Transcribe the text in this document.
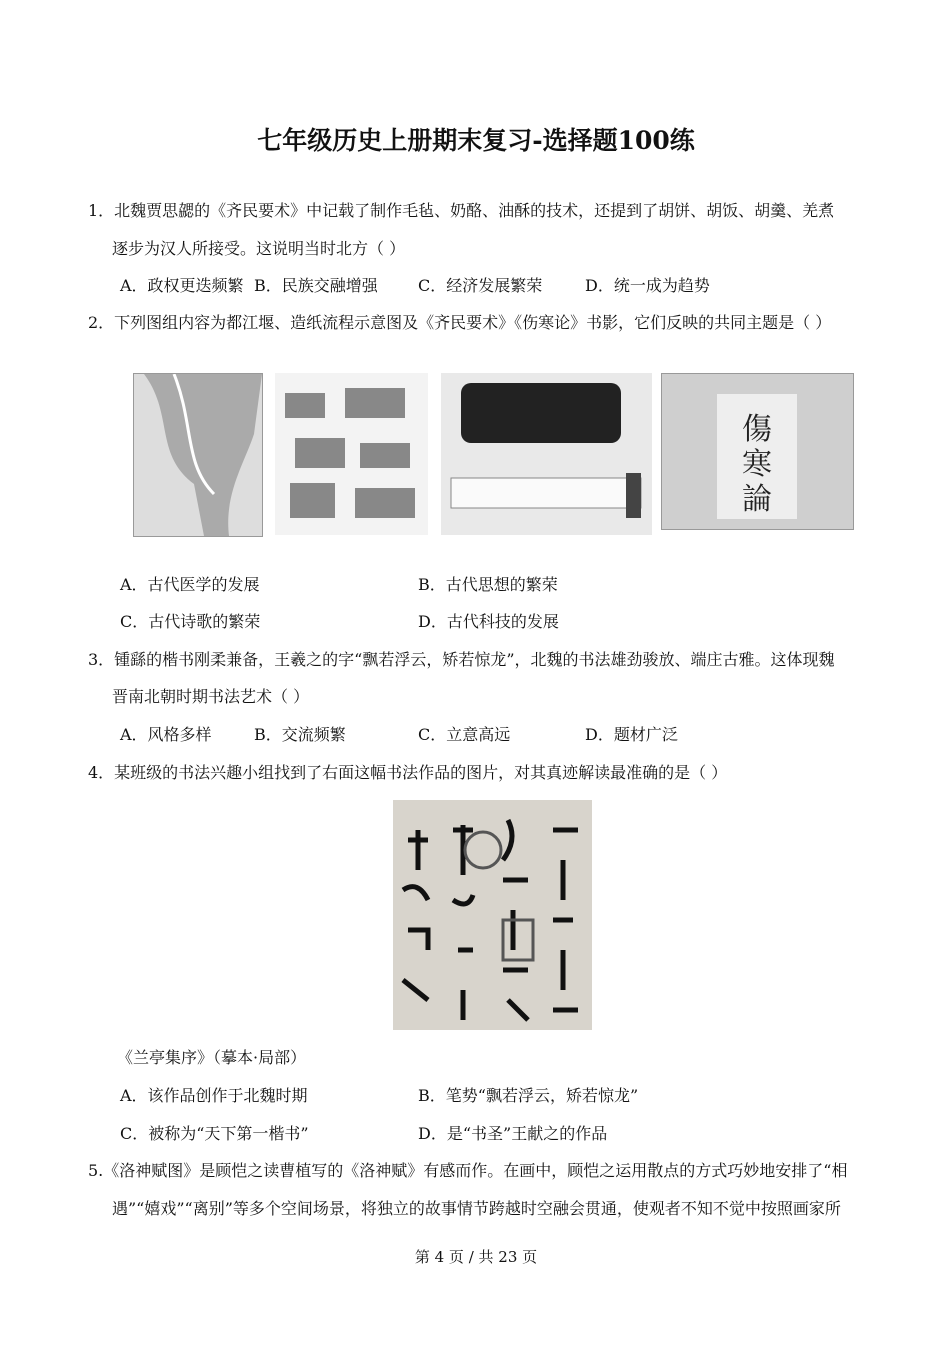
七年级历史上册期末复习-选择题100练
1．北魏贾思勰的《齐民要术》中记载了制作毛毡、奶酪、油酥的技术，还提到了胡饼、胡饭、胡羹、羌煮
逐步为汉人所接受。这说明当时北方（ ）
A．政权更迭频繁 B．民族交融增强	C．经济发展繁荣	D．统一成为趋势
2．下列图组内容为都江堰、造纸流程示意图及《齐民要术》《伤寒论》书影，它们反映的共同主题是（ ）
傷
寒
論
A．古代医学的发展	B．古代思想的繁荣
C．古代诗歌的繁荣	D．古代科技的发展
3．锺繇的楷书刚柔兼备，王羲之的字“飘若浮云，矫若惊龙”，北魏的书法雄劲骏放、端庄古雅。这体现魏
晋南北朝时期书法艺术（ ）
A．风格多样	B．交流频繁	C．立意高远	D．题材广泛
4．某班级的书法兴趣小组找到了右面这幅书法作品的图片，对其真迹解读最准确的是（ ）
《兰亭集序》（摹本·局部）
A．该作品创作于北魏时期	B．笔势“飘若浮云，矫若惊龙”
C．被称为“天下第一楷书”	D．是“书圣”王献之的作品
5.《洛神赋图》是顾恺之读曹植写的《洛神赋》有感而作。在画中，顾恺之运用散点的方式巧妙地安排了“相
遇”“嬉戏”“离别”等多个空间场景，将独立的故事情节跨越时空融会贯通，使观者不知不觉中按照画家所
第 4 页 / 共 23 页
